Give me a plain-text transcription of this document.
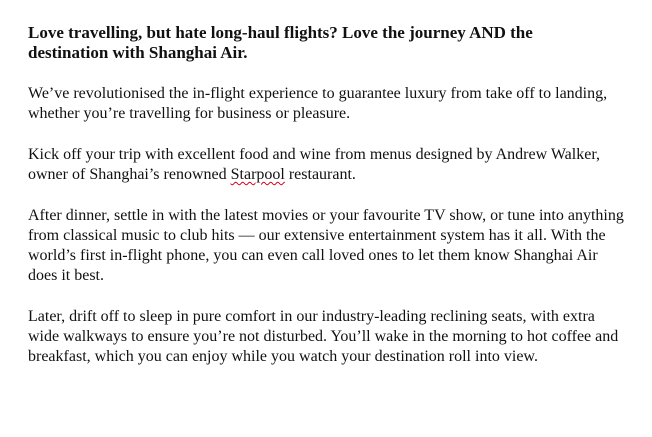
Love travelling, but hate long-haul flights? Love the journey AND the destination with Shanghai Air.

We’ve revolutionised the in-flight experience to guarantee luxury from take off to landing, whether you’re travelling for business or pleasure.

Kick off your trip with excellent food and wine from menus designed by Andrew Walker, owner of Shanghai’s renowned Starpool restaurant.

After dinner, settle in with the latest movies or your favourite TV show, or tune into anything from classical music to club hits — our extensive entertainment system has it all. With the world’s first in-flight phone, you can even call loved ones to let them know Shanghai Air does it best.

Later, drift off to sleep in pure comfort in our industry-leading reclining seats, with extra wide walkways to ensure you’re not disturbed. You’ll wake in the morning to hot coffee and breakfast, which you can enjoy while you watch your destination roll into view.
